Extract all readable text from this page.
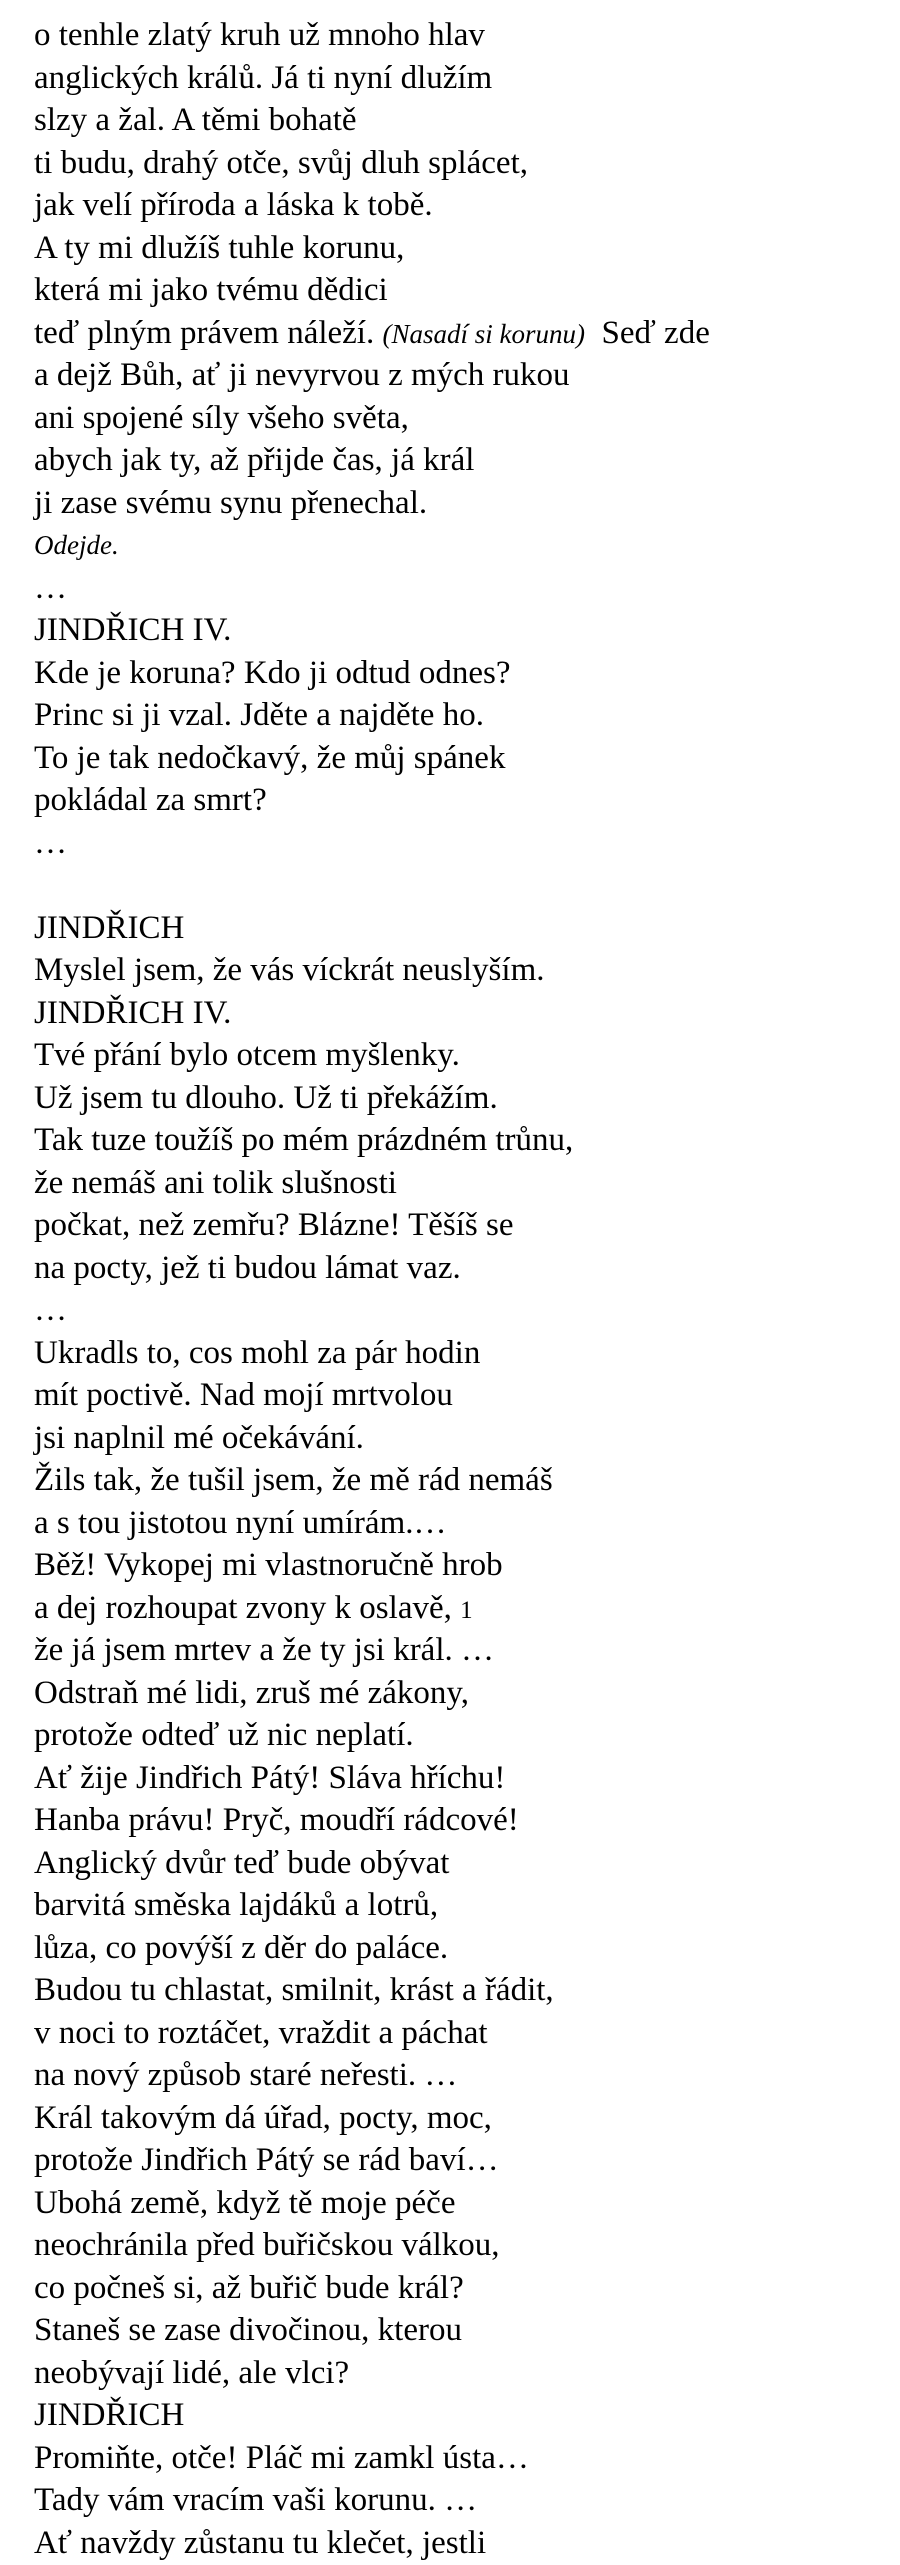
o tenhle zlatý kruh už mnoho hlav
anglických králů. Já ti nyní dlužím
slzy a žal. A těmi bohatě
ti budu, drahý otče, svůj dluh splácet,
jak velí příroda a láska k tobě.
A ty mi dlužíš tuhle korunu,
která mi jako tvému dědici
teď plným právem náleží. (Nasadí si korunu)  Seď zde
a dejž Bůh, ať ji nevyrvou z mých rukou
ani spojené síly všeho světa,
abych jak ty, až přijde čas, já král
ji zase svému synu přenechal.
Odejde.
…
JINDŘICH IV.
Kde je koruna? Kdo ji odtud odnes?
Princ si ji vzal. Jděte a najděte ho.
To je tak nedočkavý, že můj spánek
pokládal za smrt?
…
JINDŘICH
Myslel jsem, že vás víckrát neuslyším.
JINDŘICH IV.
Tvé přání bylo otcem myšlenky.
Už jsem tu dlouho. Už ti překážím.
Tak tuze toužíš po mém prázdném trůnu,
že nemáš ani tolik slušnosti
počkat, než zemřu? Blázne! Těšíš se
na pocty, jež ti budou lámat vaz.
…
Ukradls to, cos mohl za pár hodin
mít poctivě. Nad mojí mrtvolou
jsi naplnil mé očekávání.
Žils tak, že tušil jsem, že mě rád nemáš
a s tou jistotou nyní umírám.…
Běž! Vykopej mi vlastnoručně hrob
a dej rozhoupat zvony k oslavě, 1
že já jsem mrtev a že ty jsi král. …
Odstraň mé lidi, zruš mé zákony,
protože odteď už nic neplatí.
Ať žije Jindřich Pátý! Sláva hříchu!
Hanba právu! Pryč, moudří rádcové!
Anglický dvůr teď bude obývat
barvitá směska lajdáků a lotrů,
lůza, co povýší z děr do paláce.
Budou tu chlastat, smilnit, krást a řádit,
v noci to roztáčet, vraždit a páchat
na nový způsob staré neřesti. …
Král takovým dá úřad, pocty, moc,
protože Jindřich Pátý se rád baví…
Ubohá země, když tě moje péče
neochránila před buřičskou válkou,
co počneš si, až buřič bude král?
Staneš se zase divočinou, kterou
neobývají lidé, ale vlci?
JINDŘICH
Promiňte, otče! Pláč mi zamkl ústa…
Tady vám vracím vaši korunu. …
Ať navždy zůstanu tu klečet, jestli
